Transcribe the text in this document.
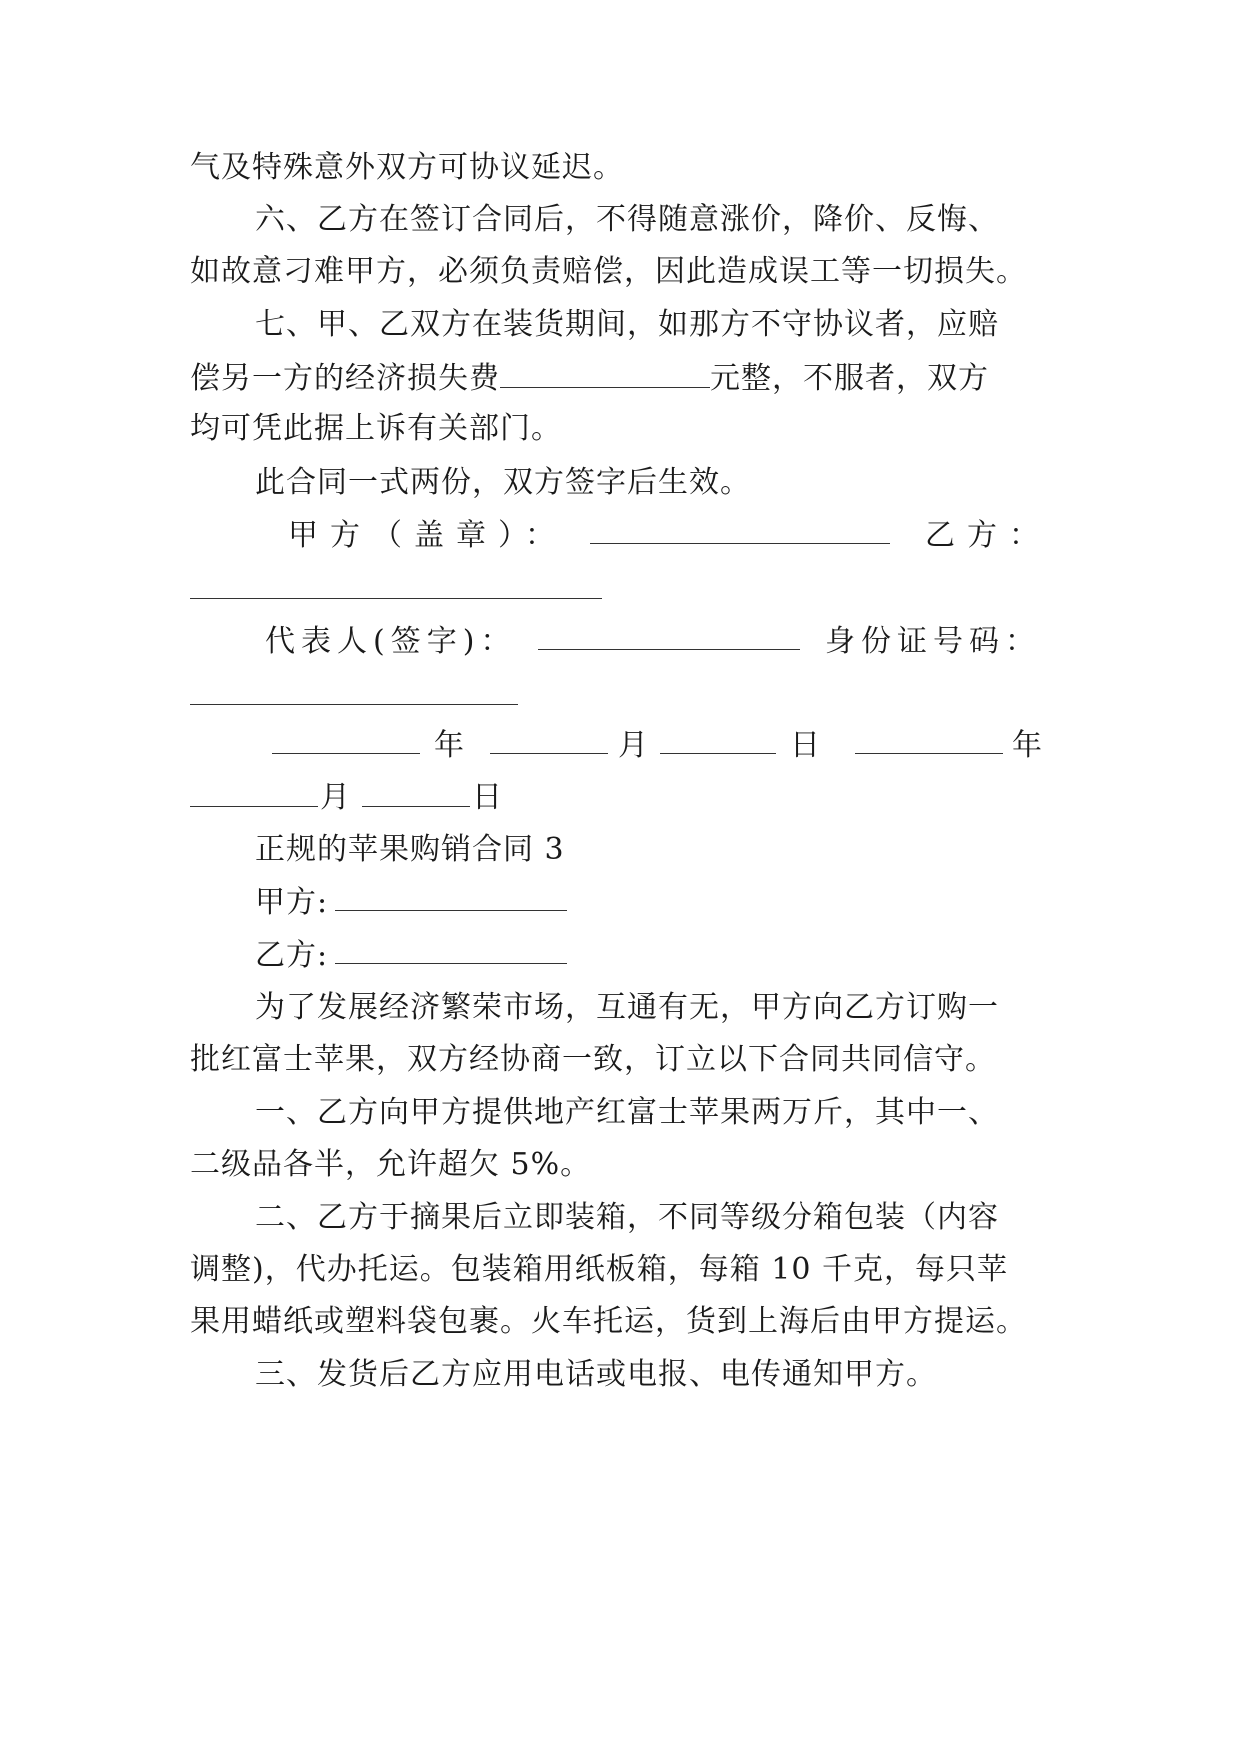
气及特殊意外双方可协议延迟。
六、乙方在签订合同后，不得随意涨价，降价、反悔、
如故意刁难甲方，必须负责赔偿，因此造成误工等一切损失。
七、甲、乙双方在装货期间，如那方不守协议者，应赔
偿另一方的经济损失费	元整，不服者，双方
均可凭此据上诉有关部门。
此合同一式两份，双方签字后生效。
甲方（盖章）：	乙方：
代表人(签字)：	身份证号码：
年	月	日	年
月	日
正规的苹果购销合同 3
甲方:
乙方:
为了发展经济繁荣市场，互通有无，甲方向乙方订购一
批红富士苹果，双方经协商一致，订立以下合同共同信守。
一、乙方向甲方提供地产红富士苹果两万斤，其中一、
二级品各半，允许超欠 5%。
二、乙方于摘果后立即装箱，不同等级分箱包装（内容
调整)，代办托运。包装箱用纸板箱，每箱 10 千克，每只苹
果用蜡纸或塑料袋包裹。火车托运，货到上海后由甲方提运。
三、发货后乙方应用电话或电报、电传通知甲方。
